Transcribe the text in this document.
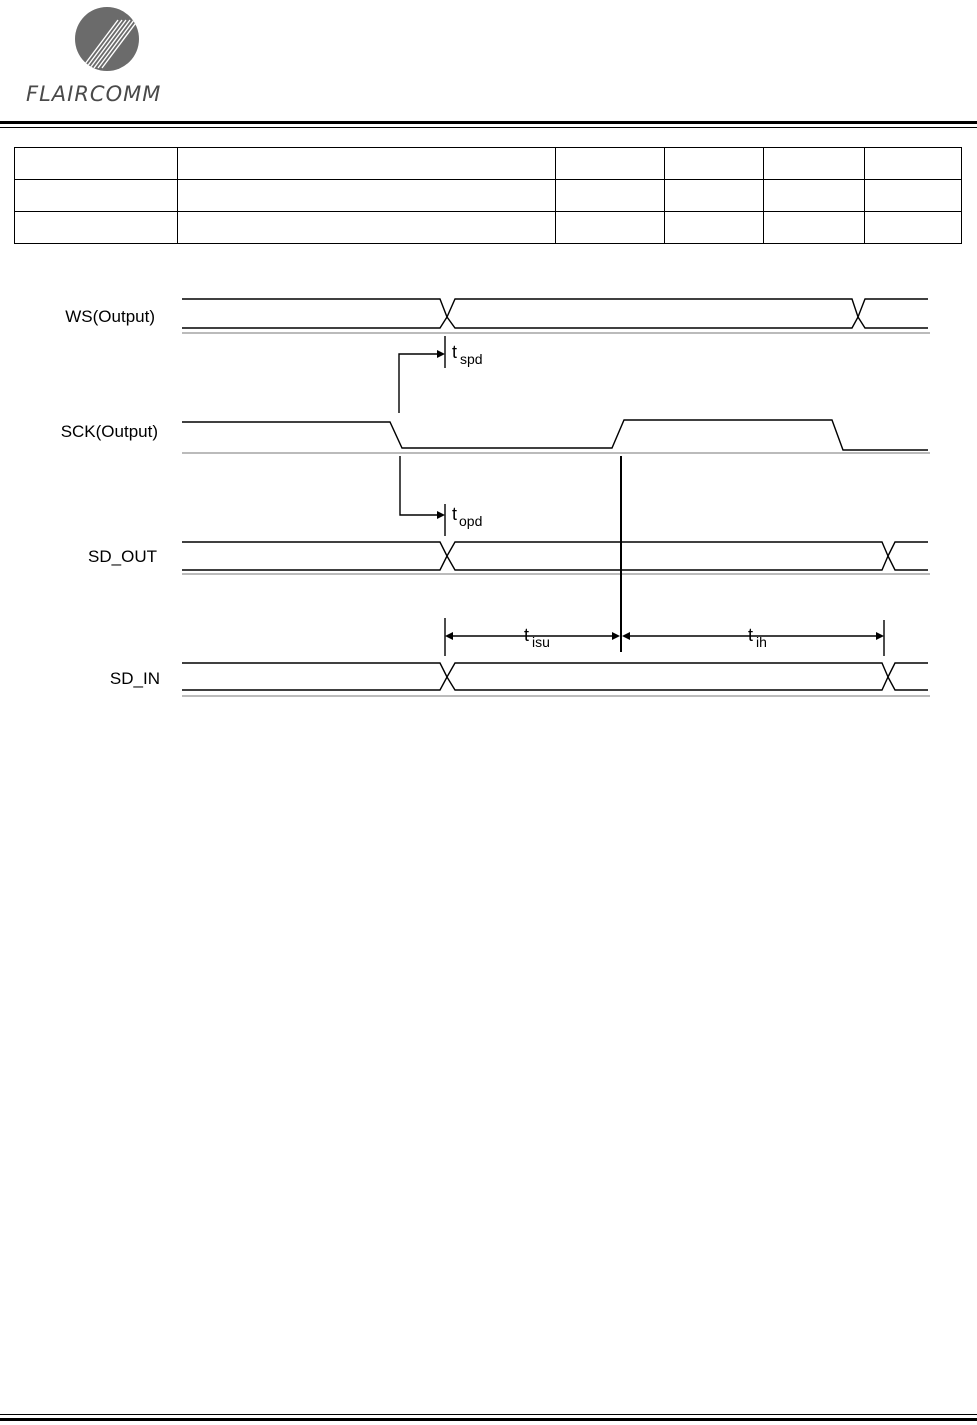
FLAIRCOMM

WS(Output)
SCK(Output)
SD_OUT
SD_IN
t spd
t opd
t isu	t ih
